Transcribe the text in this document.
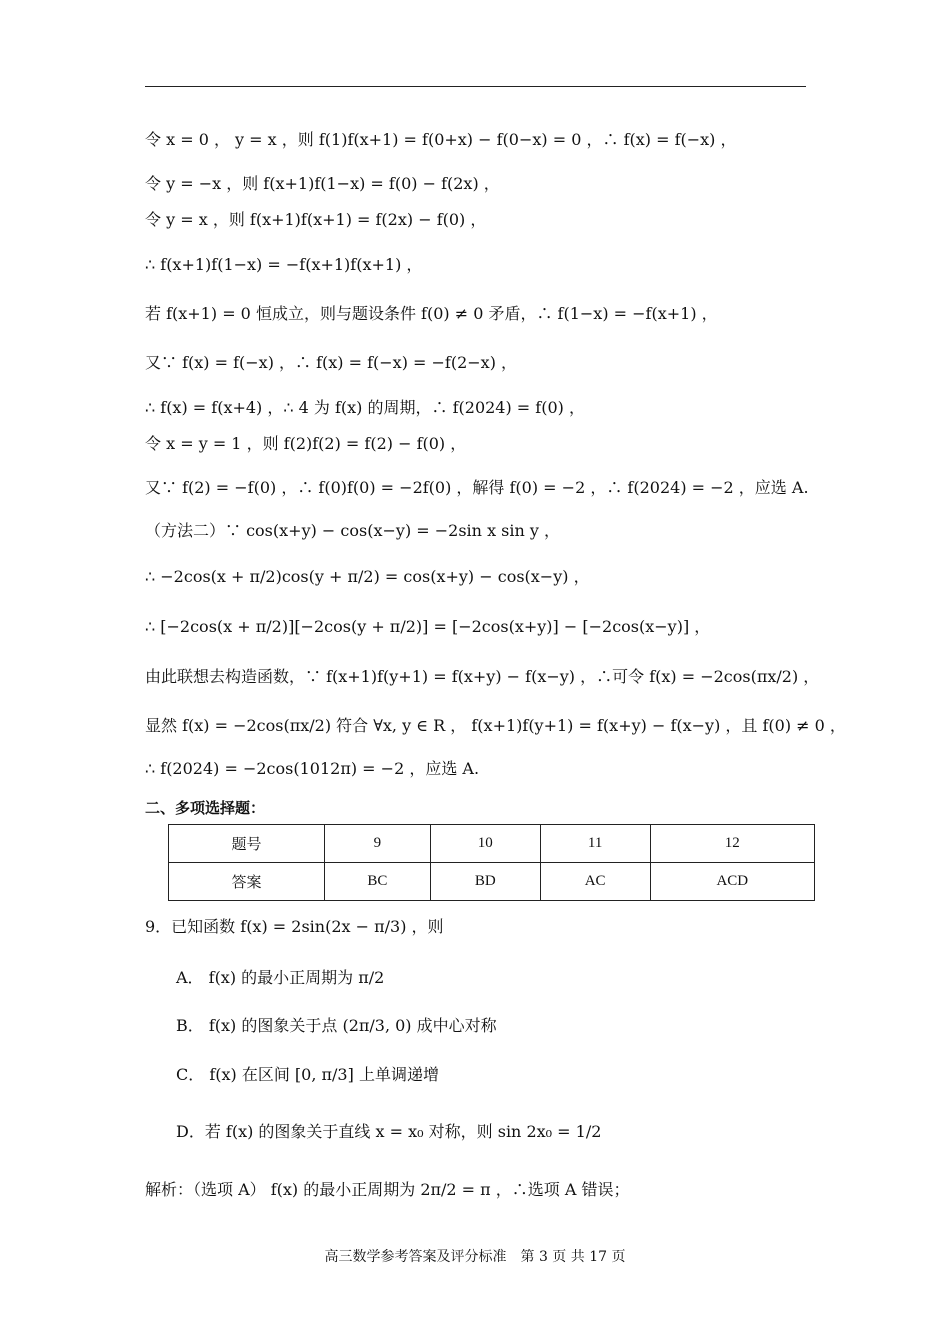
令 x = 0 ， y = x ，则 f(1)f(x+1) = f(0+x) − f(0−x) = 0 ，∴ f(x) = f(−x) ，
令 y = −x ，则 f(x+1)f(1−x) = f(0) − f(2x) ，
令 y = x ，则 f(x+1)f(x+1) = f(2x) − f(0) ，
∴ f(x+1)f(1−x) = −f(x+1)f(x+1) ，
若 f(x+1) = 0 恒成立，则与题设条件 f(0) ≠ 0 矛盾，∴ f(1−x) = −f(x+1) ，
又∵ f(x) = f(−x) ，∴ f(x) = f(−x) = −f(2−x) ，
∴ f(x) = f(x+4) ，∴ 4 为 f(x) 的周期，∴ f(2024) = f(0) ，
令 x = y = 1 ，则 f(2)f(2) = f(2) − f(0) ，
又∵ f(2) = −f(0) ，∴ f(0)f(0) = −2f(0) ，解得 f(0) = −2 ，∴ f(2024) = −2 ，应选 A.
（方法二）∵ cos(x+y) − cos(x−y) = −2sin x sin y ，
∴ −2cos(x + π/2)cos(y + π/2) = cos(x+y) − cos(x−y) ，
∴ [−2cos(x + π/2)][−2cos(y + π/2)] = [−2cos(x+y)] − [−2cos(x−y)] ，
由此联想去构造函数，∵ f(x+1)f(y+1) = f(x+y) − f(x−y) ，∴可令 f(x) = −2cos(πx/2) ，
显然 f(x) = −2cos(πx/2) 符合 ∀x, y ∈ R ， f(x+1)f(y+1) = f(x+y) − f(x−y) ，且 f(0) ≠ 0 ，
∴ f(2024) = −2cos(1012π) = −2 ，应选 A.
二、多项选择题：
题号	9	10	11	12
答案	BC	BD	AC	ACD
9．已知函数 f(x) = 2sin(2x − π/3) ，则
A． f(x) 的最小正周期为 π/2
B． f(x) 的图象关于点 (2π/3, 0) 成中心对称
C． f(x) 在区间 [0, π/3] 上单调递增
D．若 f(x) 的图象关于直线 x = x₀ 对称，则 sin 2x₀ = 1/2
解析：（选项 A） f(x) 的最小正周期为 2π/2 = π ，∴选项 A 错误；
高三数学参考答案及评分标准　第 3 页 共 17 页
